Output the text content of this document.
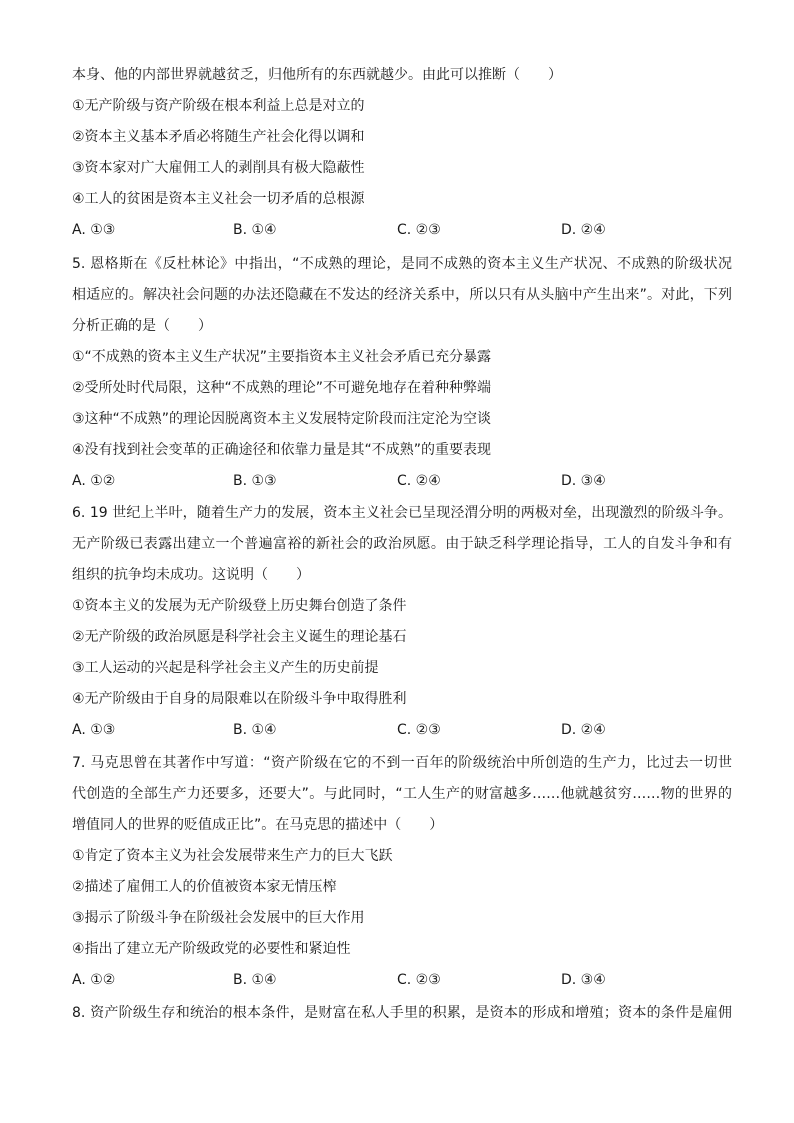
本身、他的内部世界就越贫乏，归他所有的东西就越少。由此可以推断（　　）
①无产阶级与资产阶级在根本利益上总是对立的
②资本主义基本矛盾必将随生产社会化得以调和
③资本家对广大雇佣工人的剥削具有极大隐蔽性
④工人的贫困是资本主义社会一切矛盾的总根源
A. ①③	B. ①④	C. ②③	D. ②④
5. 恩格斯在《反杜林论》中指出，“不成熟的理论，是同不成熟的资本主义生产状况、不成熟的阶级状况
相适应的。解决社会问题的办法还隐藏在不发达的经济关系中，所以只有从头脑中产生出来”。对此，下列
分析正确的是（　　）
①“不成熟的资本主义生产状况”主要指资本主义社会矛盾已充分暴露
②受所处时代局限，这种“不成熟的理论”不可避免地存在着种种弊端
③这种“不成熟”的理论因脱离资本主义发展特定阶段而注定沦为空谈
④没有找到社会变革的正确途径和依靠力量是其“不成熟”的重要表现
A. ①②	B. ①③	C. ②④	D. ③④
6. 19 世纪上半叶，随着生产力的发展，资本主义社会已呈现泾渭分明的两极对垒，出现激烈的阶级斗争。
无产阶级已表露出建立一个普遍富裕的新社会的政治夙愿。由于缺乏科学理论指导，工人的自发斗争和有
组织的抗争均未成功。这说明（　　）
①资本主义的发展为无产阶级登上历史舞台创造了条件
②无产阶级的政治夙愿是科学社会主义诞生的理论基石
③工人运动的兴起是科学社会主义产生的历史前提
④无产阶级由于自身的局限难以在阶级斗争中取得胜利
A. ①③	B. ①④	C. ②③	D. ②④
7. 马克思曾在其著作中写道：“资产阶级在它的不到一百年的阶级统治中所创造的生产力，比过去一切世
代创造的全部生产力还要多，还要大”。与此同时，“工人生产的财富越多……他就越贫穷……物的世界的
增值同人的世界的贬值成正比”。在马克思的描述中（　　）
①肯定了资本主义为社会发展带来生产力的巨大飞跃
②描述了雇佣工人的价值被资本家无情压榨
③揭示了阶级斗争在阶级社会发展中的巨大作用
④指出了建立无产阶级政党的必要性和紧迫性
A. ①②	B. ①④	C. ②③	D. ③④
8. 资产阶级生存和统治的根本条件，是财富在私人手里的积累，是资本的形成和增殖；资本的条件是雇佣
